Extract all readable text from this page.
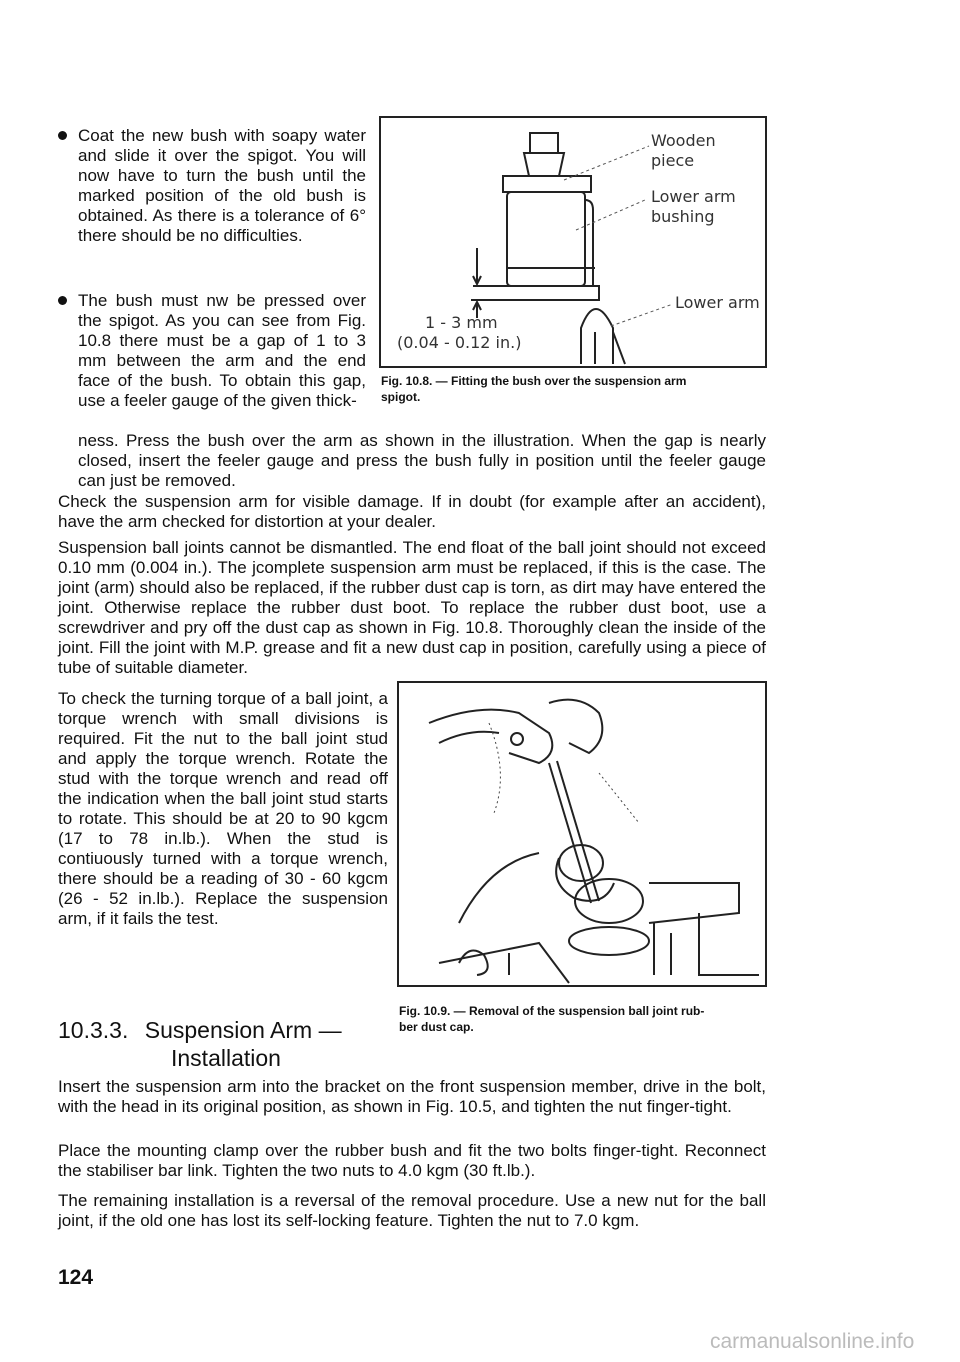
Coat the new bush with soapy water and slide it over the spigot. You will now have to turn the bush until the marked position of the old bush is obtained. As there is a tolerance of 6° there should be no difficulties.

The bush must nw be pressed over the spigot. As you can see from Fig. 10.8 there must be a gap of 1 to 3 mm between the arm and the end face of the bush. To obtain this gap, use a feeler gauge of the given thick-

ness. Press the bush over the arm as shown in the illustration. When the gap is nearly closed, insert the feeler gauge and press the bush fully in position until the feeler gauge can just be removed.

Wooden
piece
Lower arm
bushing
Lower arm
1 - 3 mm
(0.04 - 0.12 in.)
Fig. 10.8. — Fitting the bush over the suspension arm
spigot.

Check the suspension arm for visible damage. If in doubt (for example after an accident), have the arm checked for distortion at your dealer.

Suspension ball joints cannot be dismantled. The end float of the ball joint should not exceed 0.10 mm (0.004 in.). The jcomplete suspension arm must be replaced, if this is the case. The joint (arm) should also be replaced, if the rubber dust cap is torn, as dirt may have entered the joint. Otherwise replace the rubber dust boot. To replace the rubber dust boot, use a screwdriver and pry off the dust cap as shown in Fig. 10.8. Thoroughly clean the inside of the joint. Fill the joint with M.P. grease and fit a new dust cap in position, carefully using a piece of tube of suitable diameter.

To check the turning torque of a ball joint, a torque wrench with small divisions is required. Fit the nut to the ball joint stud and apply the torque wrench. Rotate the stud with the torque wrench and read off the indication when the ball joint stud starts to rotate. This should be at 20 to 90 kgcm (17 to 78 in.lb.). When the stud is contiuously turned with a torque wrench, there should be a reading of 30 - 60 kgcm (26 - 52 in.lb.). Replace the suspension arm, if it fails the test.

Fig. 10.9. — Removal of the suspension ball joint rub-
ber dust cap.
10.3.3. Suspension Arm —
Installation

Insert the suspension arm into the bracket on the front suspension member, drive in the bolt, with the head in its original position, as shown in Fig. 10.5, and tighten the nut finger-tight.

Place the mounting clamp over the rubber bush and fit the two bolts finger-tight. Reconnect the stabiliser bar link. Tighten the two nuts to 4.0 kgm (30 ft.lb.).

The remaining installation is a reversal of the removal procedure. Use a new nut for the ball joint, if the old one has lost its self-locking feature. Tighten the nut to 7.0 kgm.

124
carmanualsonline.info
